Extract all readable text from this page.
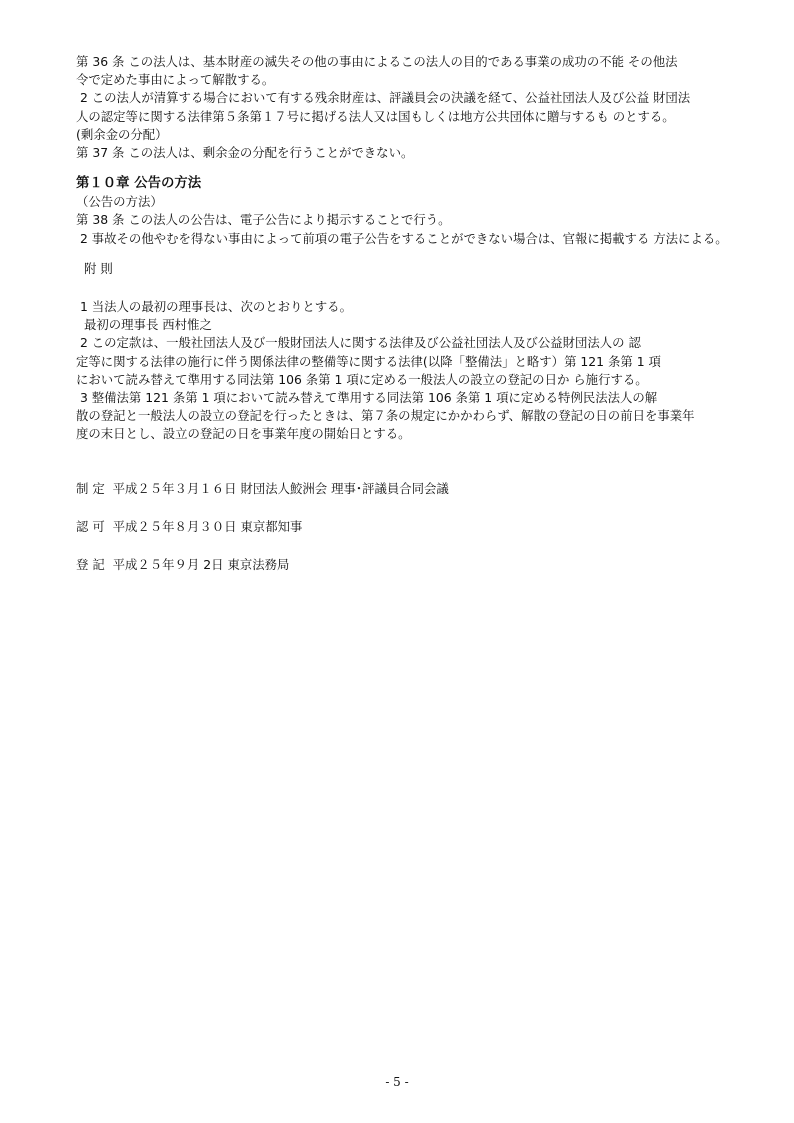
第 36 条 この法人は、基本財産の滅失その他の事由によるこの法人の目的である事業の成功の不能 その他法
令で定めた事由によって解散する。
2 この法人が清算する場合において有する残余財産は、評議員会の決議を経て、公益社団法人及び公益 財団法
人の認定等に関する法律第５条第１７号に掲げる法人又は国もしくは地方公共団体に贈与するも のとする。
(剰余金の分配）
第 37 条 この法人は、剰余金の分配を行うことができない。
第１０章 公告の方法
（公告の方法）
第 38 条 この法人の公告は、電子公告により掲示することで行う。
2 事故その他やむを得ない事由によって前項の電子公告をすることができない場合は、官報に掲載する 方法による。
附 則
1 当法人の最初の理事長は、次のとおりとする。
最初の理事長 西村惟之
2 この定款は、一般社団法人及び一般財団法人に関する法律及び公益社団法人及び公益財団法人の 認
定等に関する法律の施行に伴う関係法律の整備等に関する法律(以降「整備法」と略す）第 121 条第 1 項
において読み替えて準用する同法第 106 条第 1 項に定める一般法人の設立の登記の日か ら施行する。
3 整備法第 121 条第 1 項において読み替えて準用する同法第 106 条第 1 項に定める特例民法法人の解
散の登記と一般法人の設立の登記を行ったときは、第７条の規定にかかわらず、解散の登記の日の前日を事業年
度の末日とし、設立の登記の日を事業年度の開始日とする。
制 定  平成２５年３月１６日 財団法人鮫洲会 理事･評議員合同会議
認 可  平成２５年８月３０日 東京都知事
登 記  平成２５年９月 2日 東京法務局
- 5 -
